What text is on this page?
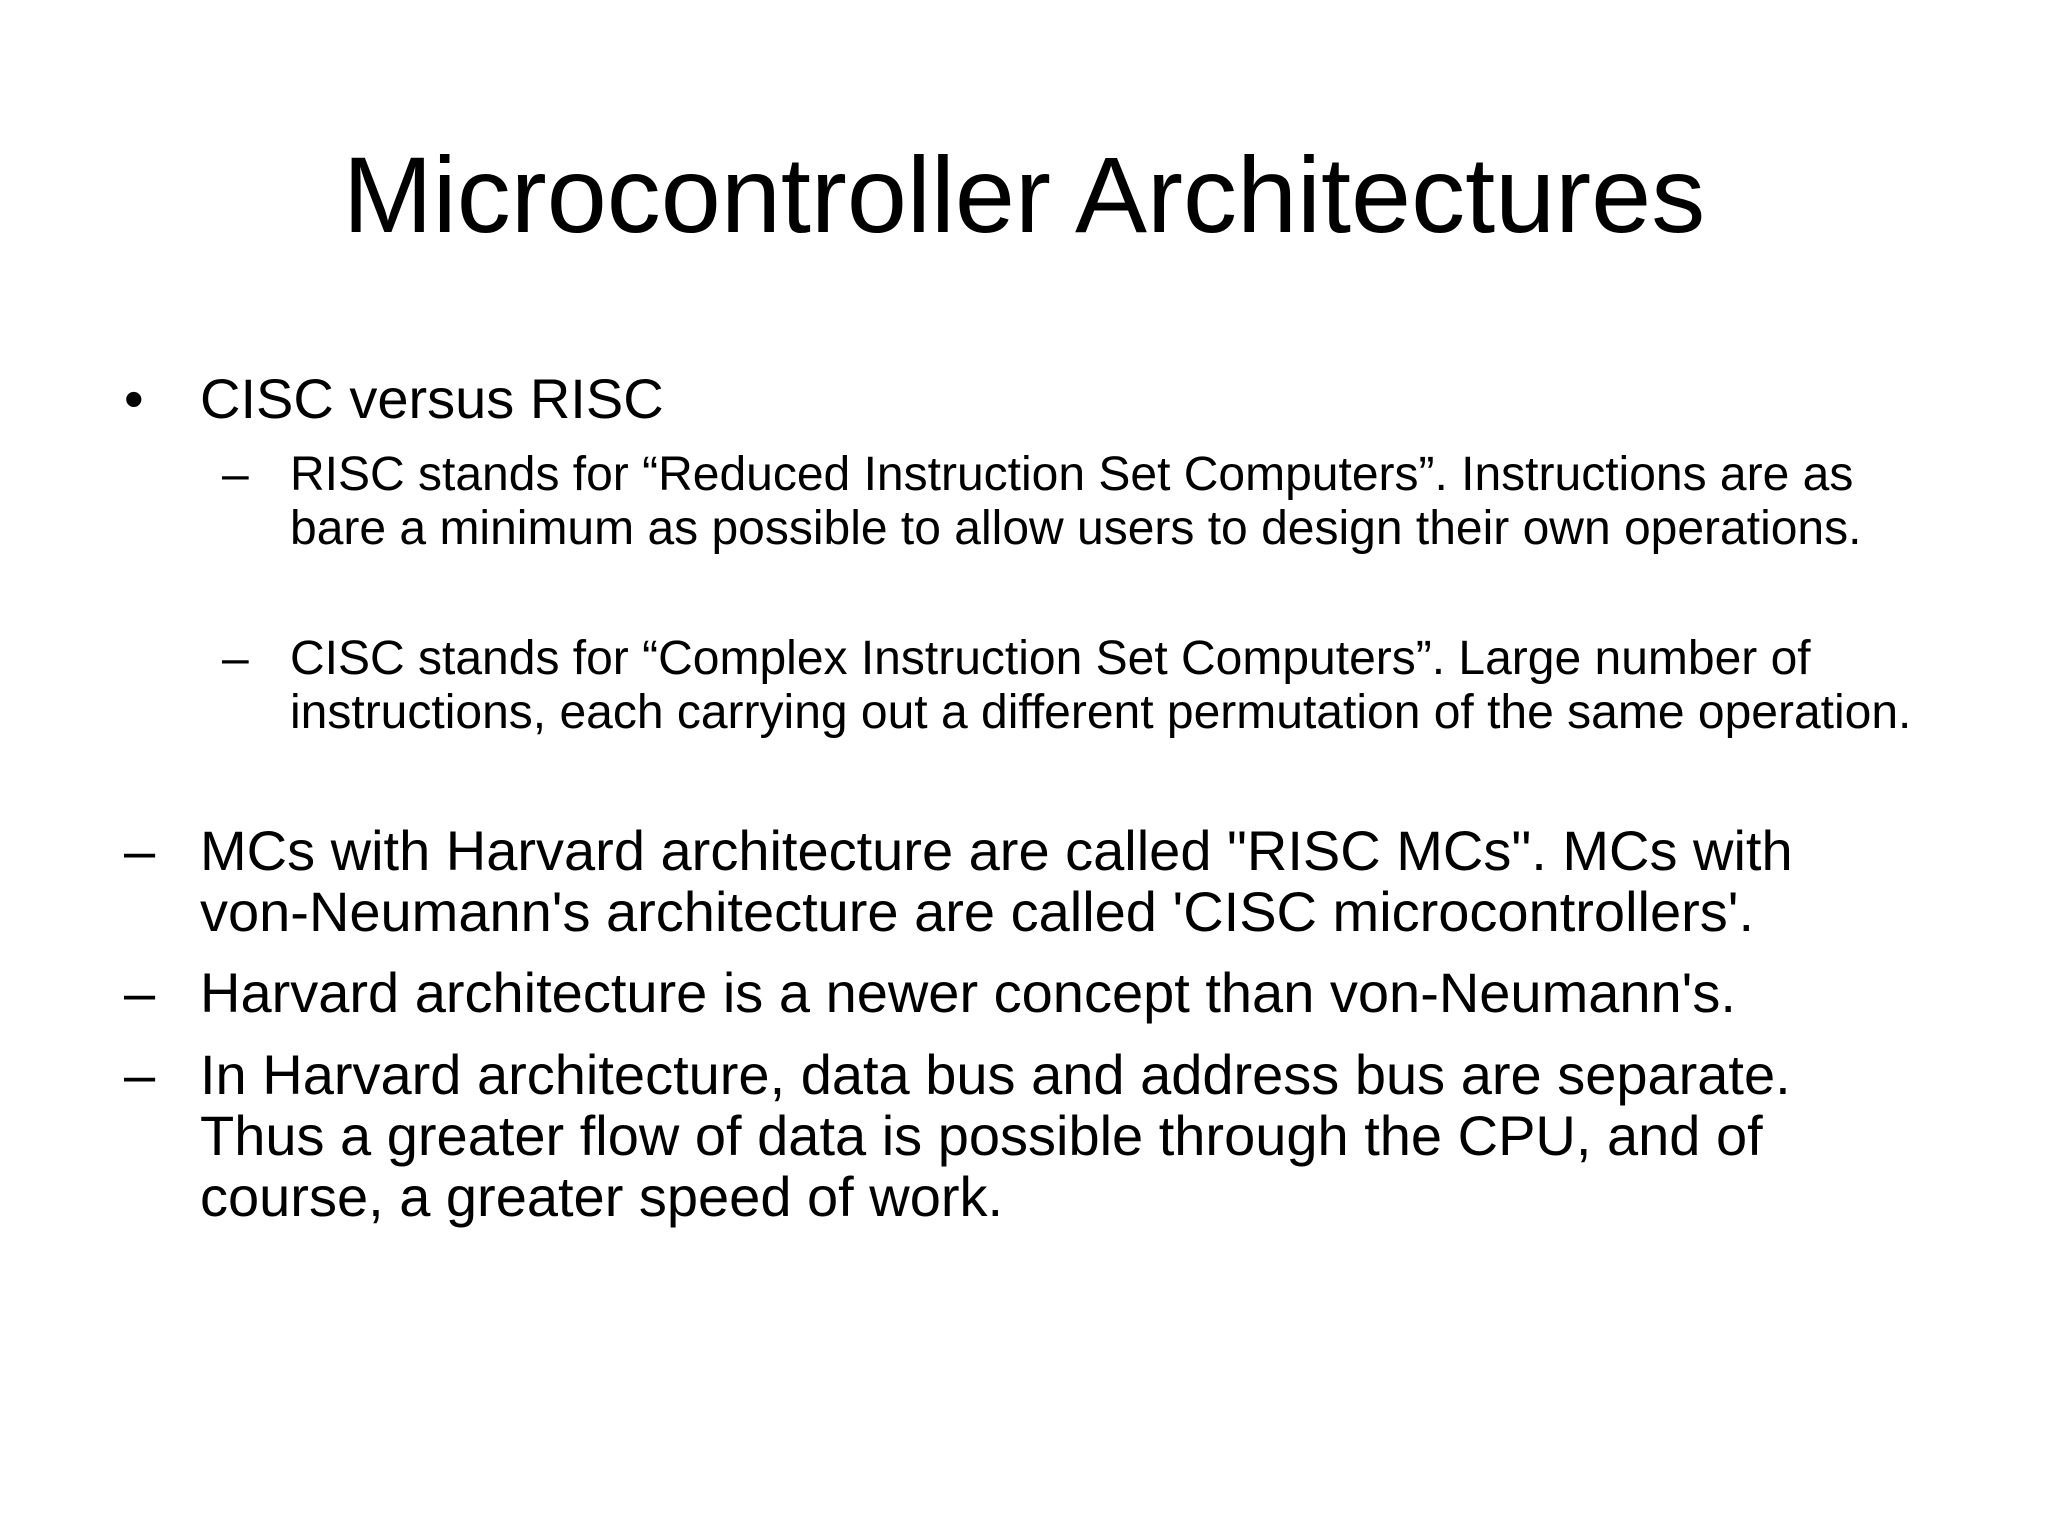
Microcontroller Architectures
• CISC versus RISC
– RISC stands for “Reduced Instruction Set Computers”. Instructions are as bare a minimum as possible to allow users to design their own operations.
– CISC stands for “Complex Instruction Set Computers”. Large number of instructions, each carrying out a different permutation of the same operation.
– MCs with Harvard architecture are called "RISC MCs". MCs with von-Neumann's architecture are called 'CISC microcontrollers'.
– Harvard architecture is a newer concept than von-Neumann's.
– In Harvard architecture, data bus and address bus are separate. Thus a greater flow of data is possible through the CPU, and of course, a greater speed of work.
